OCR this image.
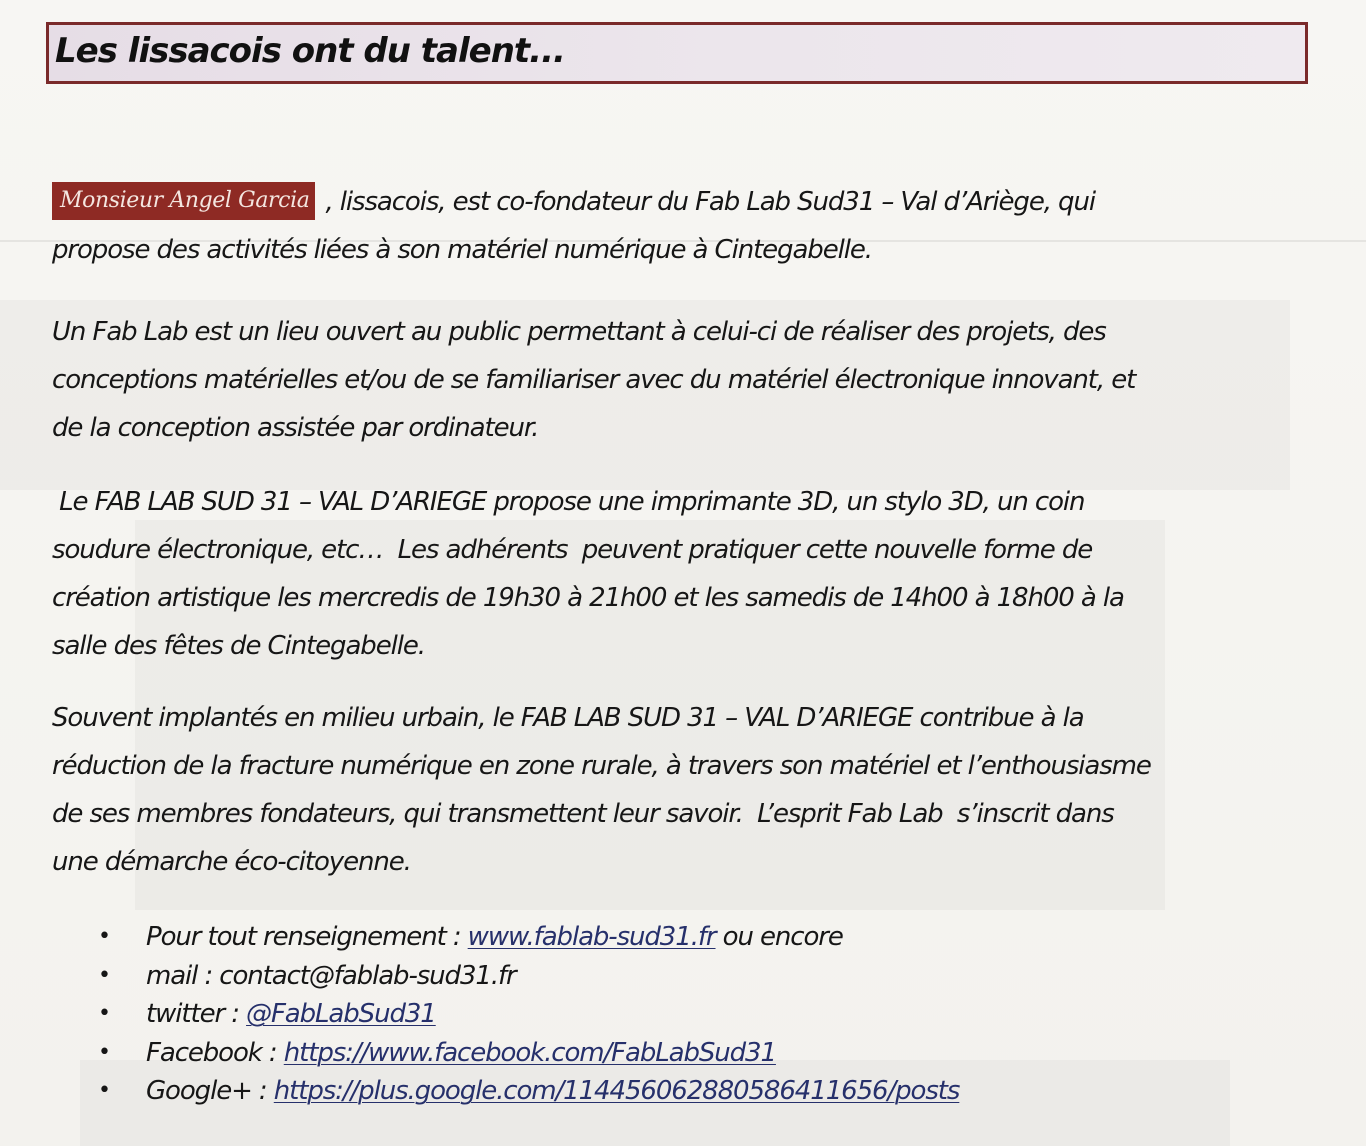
Les lissacois ont du talent...
Monsieur Angel Garcia , lissacois, est co-fondateur du Fab Lab Sud31 – Val d’Ariège, qui
propose des activités liées à son matériel numérique à Cintegabelle.
Un Fab Lab est un lieu ouvert au public permettant à celui-ci de réaliser des projets, des
conceptions matérielles et/ou de se familiariser avec du matériel électronique innovant, et
de la conception assistée par ordinateur.
Le FAB LAB SUD 31 – VAL D’ARIEGE propose une imprimante 3D, un stylo 3D, un coin
soudure électronique, etc…  Les adhérents  peuvent pratiquer cette nouvelle forme de
création artistique les mercredis de 19h30 à 21h00 et les samedis de 14h00 à 18h00 à la
salle des fêtes de Cintegabelle.
Souvent implantés en milieu urbain, le FAB LAB SUD 31 – VAL D’ARIEGE contribue à la
réduction de la fracture numérique en zone rurale, à travers son matériel et l’enthousiasme
de ses membres fondateurs, qui transmettent leur savoir.  L’esprit Fab Lab  s’inscrit dans
une démarche éco-citoyenne.
• Pour tout renseignement : www.fablab-sud31.fr ou encore
• mail : contact@fablab-sud31.fr
• twitter : @FabLabSud31
• Facebook : https://www.facebook.com/FabLabSud31
• Google+ : https://plus.google.com/114456062880586411656/posts
